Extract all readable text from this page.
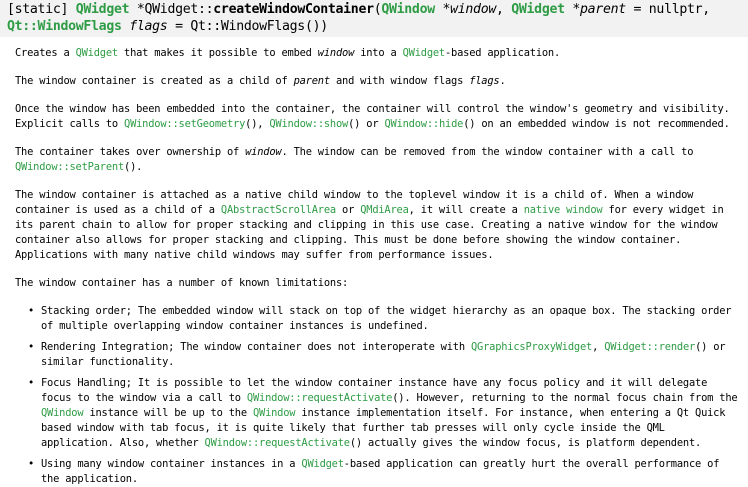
[static] QWidget *QWidget::createWindowContainer(QWindow *window, QWidget *parent = nullptr,
Qt::WindowFlags flags = Qt::WindowFlags())

Creates a QWidget that makes it possible to embed window into a QWidget-based application.

The window container is created as a child of parent and with window flags flags.

Once the window has been embedded into the container, the container will control the window's geometry and visibility. Explicit calls to QWindow::setGeometry(), QWindow::show() or QWindow::hide() on an embedded window is not recommended.

The container takes over ownership of window. The window can be removed from the window container with a call to QWindow::setParent().

The window container is attached as a native child window to the toplevel window it is a child of. When a window container is used as a child of a QAbstractScrollArea or QMdiArea, it will create a native window for every widget in its parent chain to allow for proper stacking and clipping in this use case. Creating a native window for the window container also allows for proper stacking and clipping. This must be done before showing the window container. Applications with many native child windows may suffer from performance issues.

The window container has a number of known limitations:

• Stacking order; The embedded window will stack on top of the widget hierarchy as an opaque box. The stacking order of multiple overlapping window container instances is undefined.
• Rendering Integration; The window container does not interoperate with QGraphicsProxyWidget, QWidget::render() or similar functionality.
• Focus Handling; It is possible to let the window container instance have any focus policy and it will delegate focus to the window via a call to QWindow::requestActivate(). However, returning to the normal focus chain from the QWindow instance will be up to the QWindow instance implementation itself. For instance, when entering a Qt Quick based window with tab focus, it is quite likely that further tab presses will only cycle inside the QML application. Also, whether QWindow::requestActivate() actually gives the window focus, is platform dependent.
• Using many window container instances in a QWidget-based application can greatly hurt the overall performance of the application.
